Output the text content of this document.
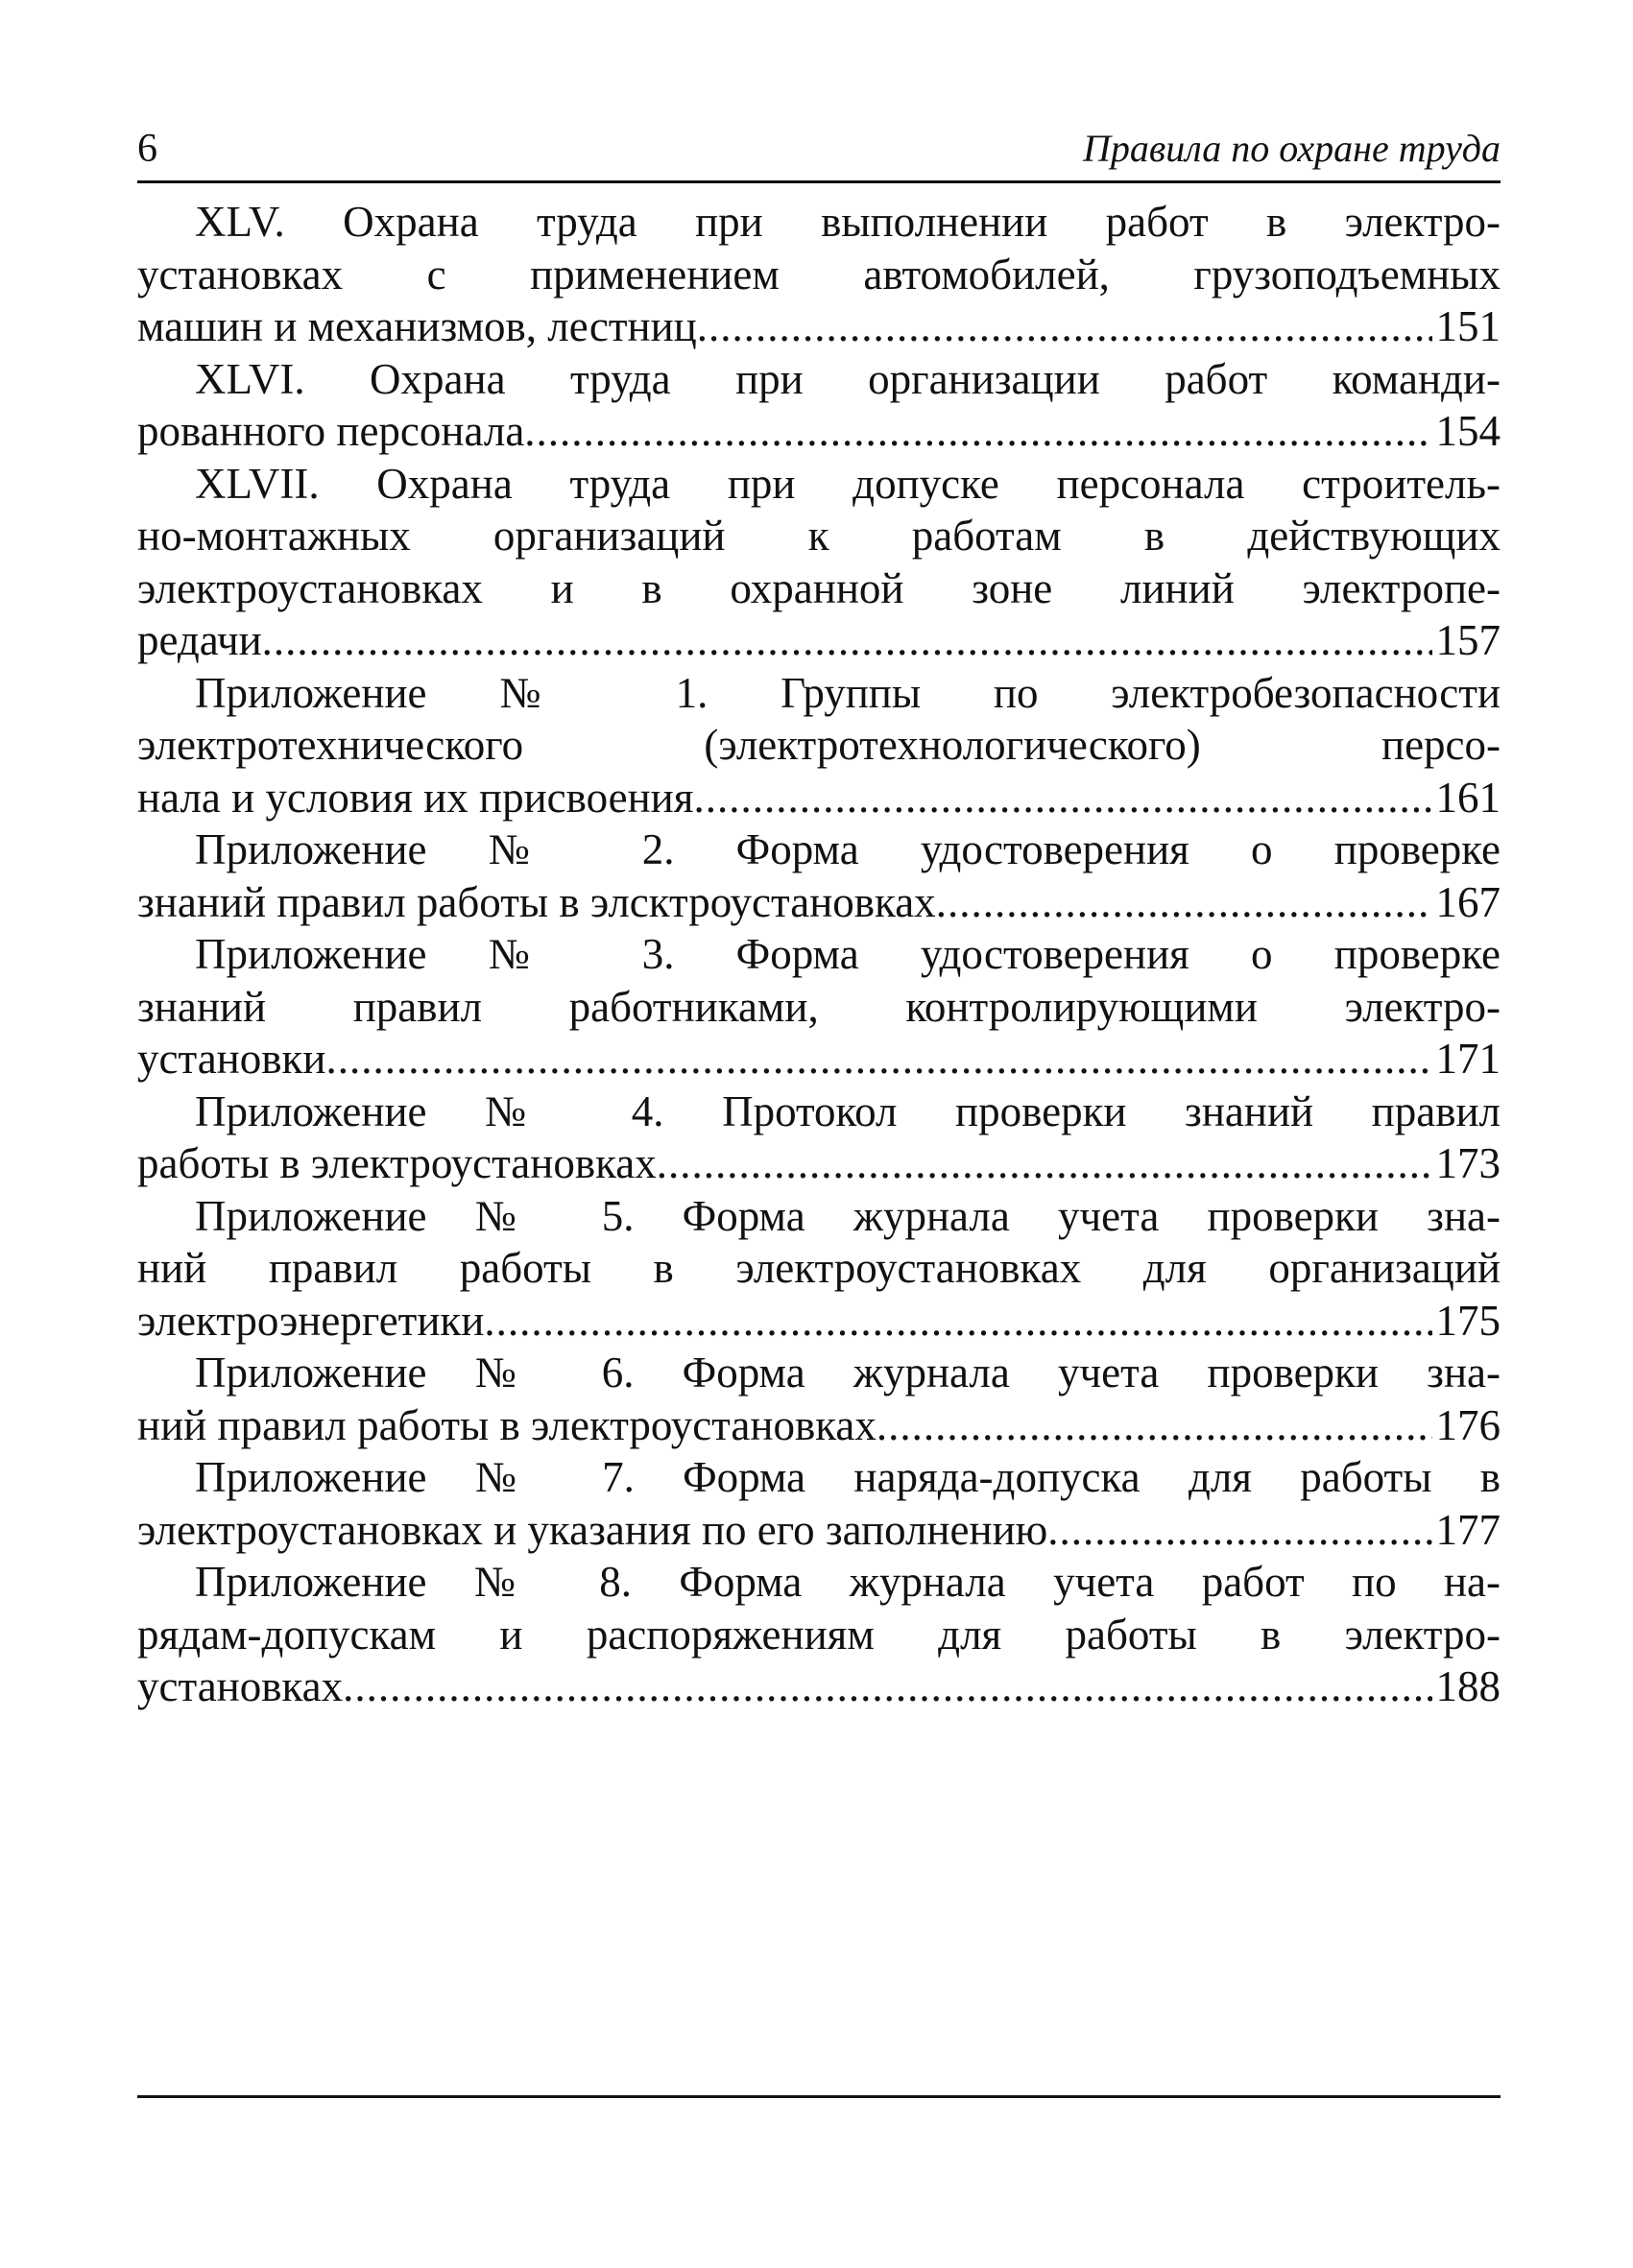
6	Правила по охране труда
XLV. Охрана труда при выполнении работ в электро-
установках с применением автомобилей, грузоподъемных
машин и механизмов, лестниц .....	151
XLVI. Охрана труда при организации работ команди-
рованного персонала .....	154
XLVII. Охрана труда при допуске персонала строитель-
но-монтажных организаций к работам в действующих
электроустановках и в охранной зоне линий электропе-
редачи .....	157
Приложение № 1. Группы по электробезопасности
электротехнического (электротехнологического) персо-
нала и условия их присвоения .....	161
Приложение № 2. Форма удостоверения о проверке
знаний правил работы в элсктроустановках .....	167
Приложение № 3. Форма удостоверения о проверке
знаний правил работниками, контролирующими электро-
установки .....	171
Приложение № 4. Протокол проверки знаний правил
работы в электроустановках .....	173
Приложение № 5. Форма журнала учета проверки зна-
ний правил работы в электроустановках для организаций
электроэнергетики .....	175
Приложение № 6. Форма журнала учета проверки зна-
ний правил работы в электроустановках .....	176
Приложение № 7. Форма наряда-допуска для работы в
электроустановках и указания по его заполнению .....	177
Приложение № 8. Форма журнала учета работ по на-
рядам-допускам и распоряжениям для работы в электро-
установках .....	188
